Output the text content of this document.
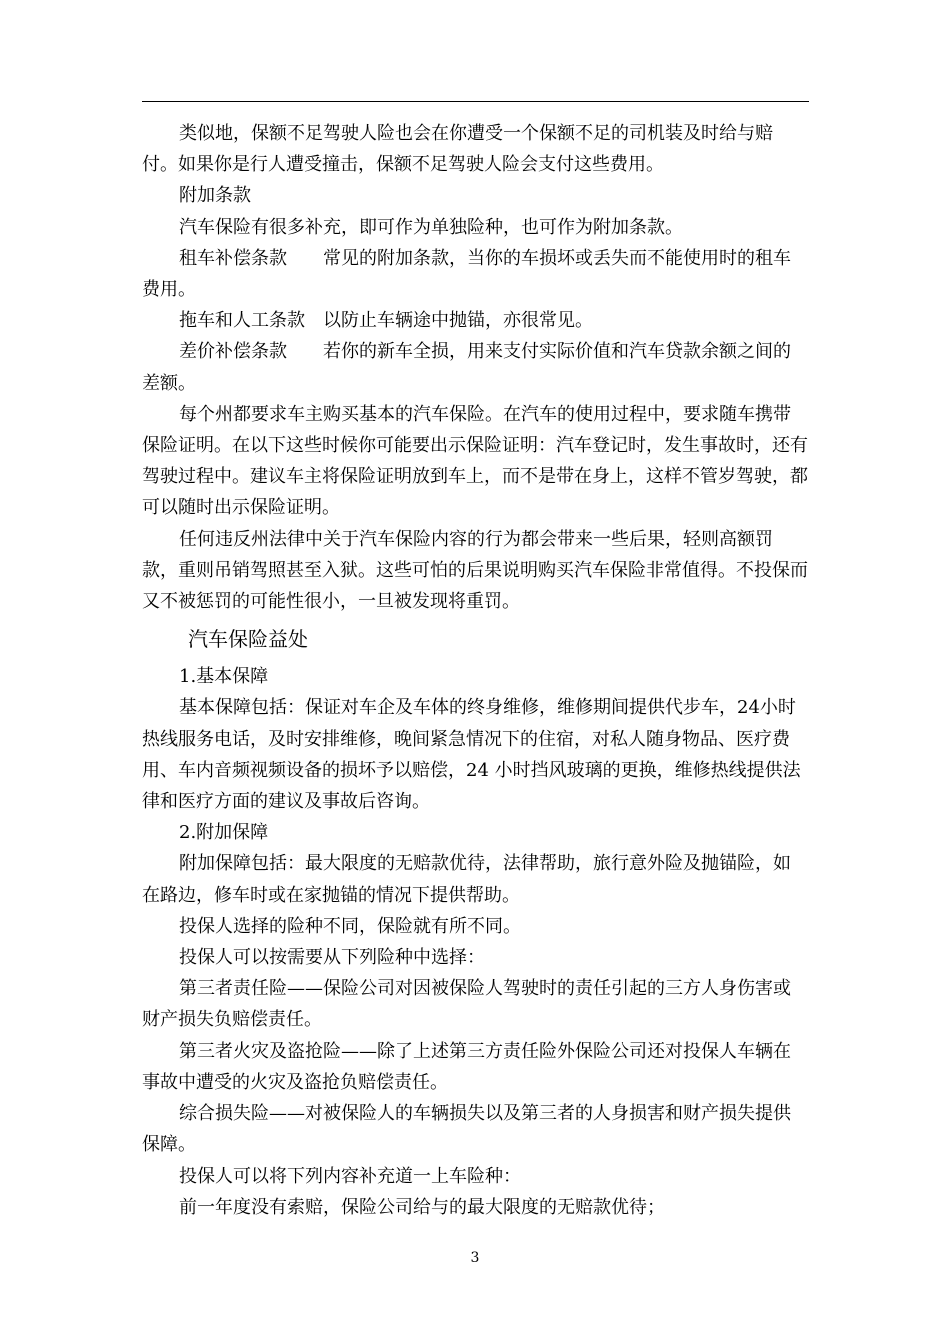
类似地，保额不足驾驶人险也会在你遭受一个保额不足的司机装及时给与赔付。如果你是行人遭受撞击，保额不足驾驶人险会支付这些费用。

附加条款

汽车保险有很多补充，即可作为单独险种，也可作为附加条款。

租车补偿条款　　常见的附加条款，当你的车损坏或丢失而不能使用时的租车费用。

拖车和人工条款　以防止车辆途中抛锚，亦很常见。

差价补偿条款　　若你的新车全损，用来支付实际价值和汽车贷款余额之间的差额。

每个州都要求车主购买基本的汽车保险。在汽车的使用过程中，要求随车携带保险证明。在以下这些时候你可能要出示保险证明：汽车登记时，发生事故时，还有驾驶过程中。建议车主将保险证明放到车上，而不是带在身上，这样不管岁驾驶，都可以随时出示保险证明。

任何违反州法律中关于汽车保险内容的行为都会带来一些后果，轻则高额罚款，重则吊销驾照甚至入狱。这些可怕的后果说明购买汽车保险非常值得。不投保而又不被惩罚的可能性很小，一旦被发现将重罚。

汽车保险益处

1.基本保障

基本保障包括：保证对车企及车体的终身维修，维修期间提供代步车，24小时热线服务电话，及时安排维修，晚间紧急情况下的住宿，对私人随身物品、医疗费用、车内音频视频设备的损坏予以赔偿，24 小时挡风玻璃的更换，维修热线提供法律和医疗方面的建议及事故后咨询。

2.附加保障

附加保障包括：最大限度的无赔款优待，法律帮助，旅行意外险及抛锚险，如在路边，修车时或在家抛锚的情况下提供帮助。

投保人选择的险种不同，保险就有所不同。

投保人可以按需要从下列险种中选择：

第三者责任险——保险公司对因被保险人驾驶时的责任引起的三方人身伤害或财产损失负赔偿责任。

第三者火灾及盗抢险——除了上述第三方责任险外保险公司还对投保人车辆在事故中遭受的火灾及盗抢负赔偿责任。

综合损失险——对被保险人的车辆损失以及第三者的人身损害和财产损失提供保障。

投保人可以将下列内容补充道一上车险种：

前一年度没有索赔，保险公司给与的最大限度的无赔款优待；

3
